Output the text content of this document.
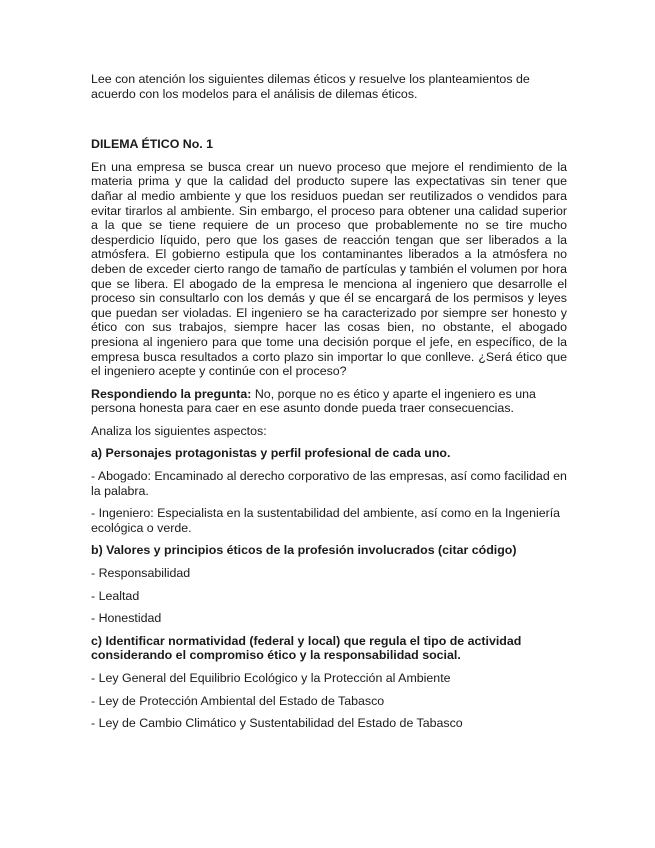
Lee con atención los siguientes dilemas éticos y resuelve los planteamientos de acuerdo con los modelos para el análisis de dilemas éticos.

DILEMA ÉTICO No. 1

En una empresa se busca crear un nuevo proceso que mejore el rendimiento de la materia prima y que la calidad del producto supere las expectativas sin tener que dañar al medio ambiente y que los residuos puedan ser reutilizados o vendidos para evitar tirarlos al ambiente. Sin embargo, el proceso para obtener una calidad superior a la que se tiene requiere de un proceso que probablemente no se tire mucho desperdicio líquido, pero que los gases de reacción tengan que ser liberados a la atmósfera. El gobierno estipula que los contaminantes liberados a la atmósfera no deben de exceder cierto rango de tamaño de partículas y también el volumen por hora que se libera. El abogado de la empresa le menciona al ingeniero que desarrolle el proceso sin consultarlo con los demás y que él se encargará de los permisos y leyes que puedan ser violadas. El ingeniero se ha caracterizado por siempre ser honesto y ético con sus trabajos, siempre hacer las cosas bien, no obstante, el abogado presiona al ingeniero para que tome una decisión porque el jefe, en específico, de la empresa busca resultados a corto plazo sin importar lo que conlleve. ¿Será ético que el ingeniero acepte y continúe con el proceso?

Respondiendo la pregunta: No, porque no es ético y aparte el ingeniero es una persona honesta para caer en ese asunto donde pueda traer consecuencias.

Analiza los siguientes aspectos:

a) Personajes protagonistas y perfil profesional de cada uno.

- Abogado: Encaminado al derecho corporativo de las empresas, así como facilidad en la palabra.

- Ingeniero: Especialista en la sustentabilidad del ambiente, así como en la Ingeniería ecológica o verde.

b) Valores y principios éticos de la profesión involucrados (citar código)

- Responsabilidad

- Lealtad

- Honestidad

c) Identificar normatividad (federal y local) que regula el tipo de actividad considerando el compromiso ético y la responsabilidad social.

- Ley General del Equilibrio Ecológico y la Protección al Ambiente

- Ley de Protección Ambiental del Estado de Tabasco

- Ley de Cambio Climático y Sustentabilidad del Estado de Tabasco
